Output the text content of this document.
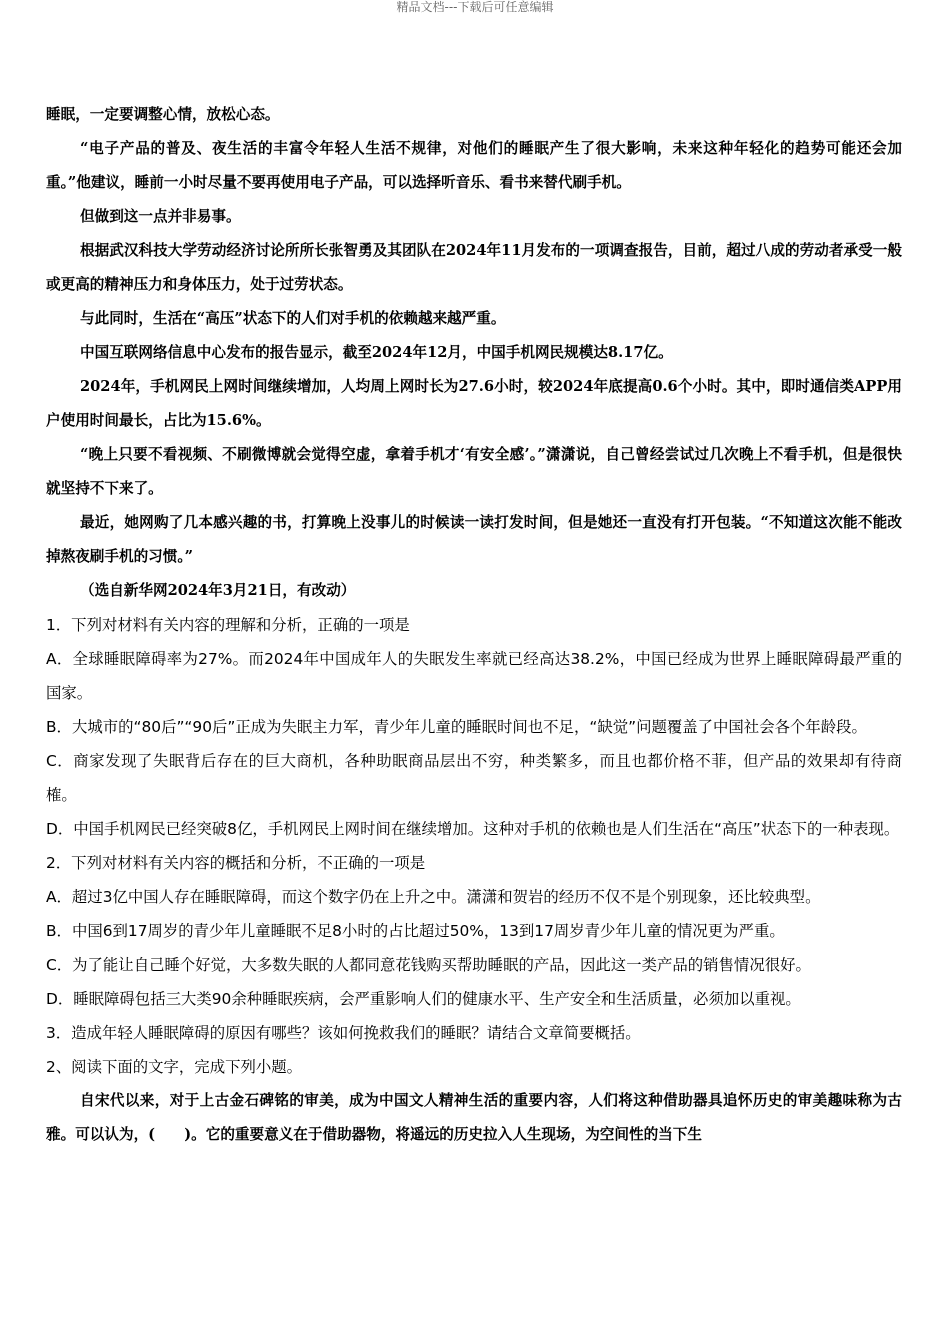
精品文档---下载后可任意编辑

睡眠，一定要调整心情，放松心态。

“电子产品的普及、夜生活的丰富令年轻人生活不规律，对他们的睡眠产生了很大影响，未来这种年轻化的趋势可能还会加重。”他建议，睡前一小时尽量不要再使用电子产品，可以选择听音乐、看书来替代刷手机。

但做到这一点并非易事。

根据武汉科技大学劳动经济讨论所所长张智勇及其团队在2024年11月发布的一项调查报告，目前，超过八成的劳动者承受一般或更高的精神压力和身体压力，处于过劳状态。

与此同时，生活在“高压”状态下的人们对手机的依赖越来越严重。

中国互联网络信息中心发布的报告显示，截至2024年12月，中国手机网民规模达8.17亿。

2024年，手机网民上网时间继续增加，人均周上网时长为27.6小时，较2024年底提高0.6个小时。其中，即时通信类APP用户使用时间最长，占比为15.6%。

“晚上只要不看视频、不刷微博就会觉得空虚，拿着手机才‘有安全感’。”潇潇说，自己曾经尝试过几次晚上不看手机，但是很快就坚持不下来了。

最近，她网购了几本感兴趣的书，打算晚上没事儿的时候读一读打发时间，但是她还一直没有打开包装。“不知道这次能不能改掉熬夜刷手机的习惯。”

（选自新华网2024年3月21日，有改动）

1．下列对材料有关内容的理解和分析，正确的一项是

A．全球睡眠障碍率为27%。而2024年中国成年人的失眠发生率就已经高达38.2%，中国已经成为世界上睡眠障碍最严重的国家。

B．大城市的“80后”“90后”正成为失眠主力军，青少年儿童的睡眠时间也不足，“缺觉”问题覆盖了中国社会各个年龄段。

C．商家发现了失眠背后存在的巨大商机，各种助眠商品层出不穷，种类繁多，而且也都价格不菲，但产品的效果却有待商榷。

D．中国手机网民已经突破8亿，手机网民上网时间在继续增加。这种对手机的依赖也是人们生活在“高压”状态下的一种表现。

2．下列对材料有关内容的概括和分析，不正确的一项是

A．超过3亿中国人存在睡眠障碍，而这个数字仍在上升之中。潇潇和贺岩的经历不仅不是个别现象，还比较典型。

B．中国6到17周岁的青少年儿童睡眠不足8小时的占比超过50%，13到17周岁青少年儿童的情况更为严重。

C．为了能让自己睡个好觉，大多数失眠的人都同意花钱购买帮助睡眠的产品，因此这一类产品的销售情况很好。

D．睡眠障碍包括三大类90余种睡眠疾病，会严重影响人们的健康水平、生产安全和生活质量，必须加以重视。

3．造成年轻人睡眠障碍的原因有哪些？该如何挽救我们的睡眠？请结合文章简要概括。

2、阅读下面的文字，完成下列小题。

自宋代以来，对于上古金石碑铭的审美，成为中国文人精神生活的重要内容，人们将这种借助器具追怀历史的审美趣味称为古雅。可以认为，(　　)。它的重要意义在于借助器物，将遥远的历史拉入人生现场，为空间性的当下生
